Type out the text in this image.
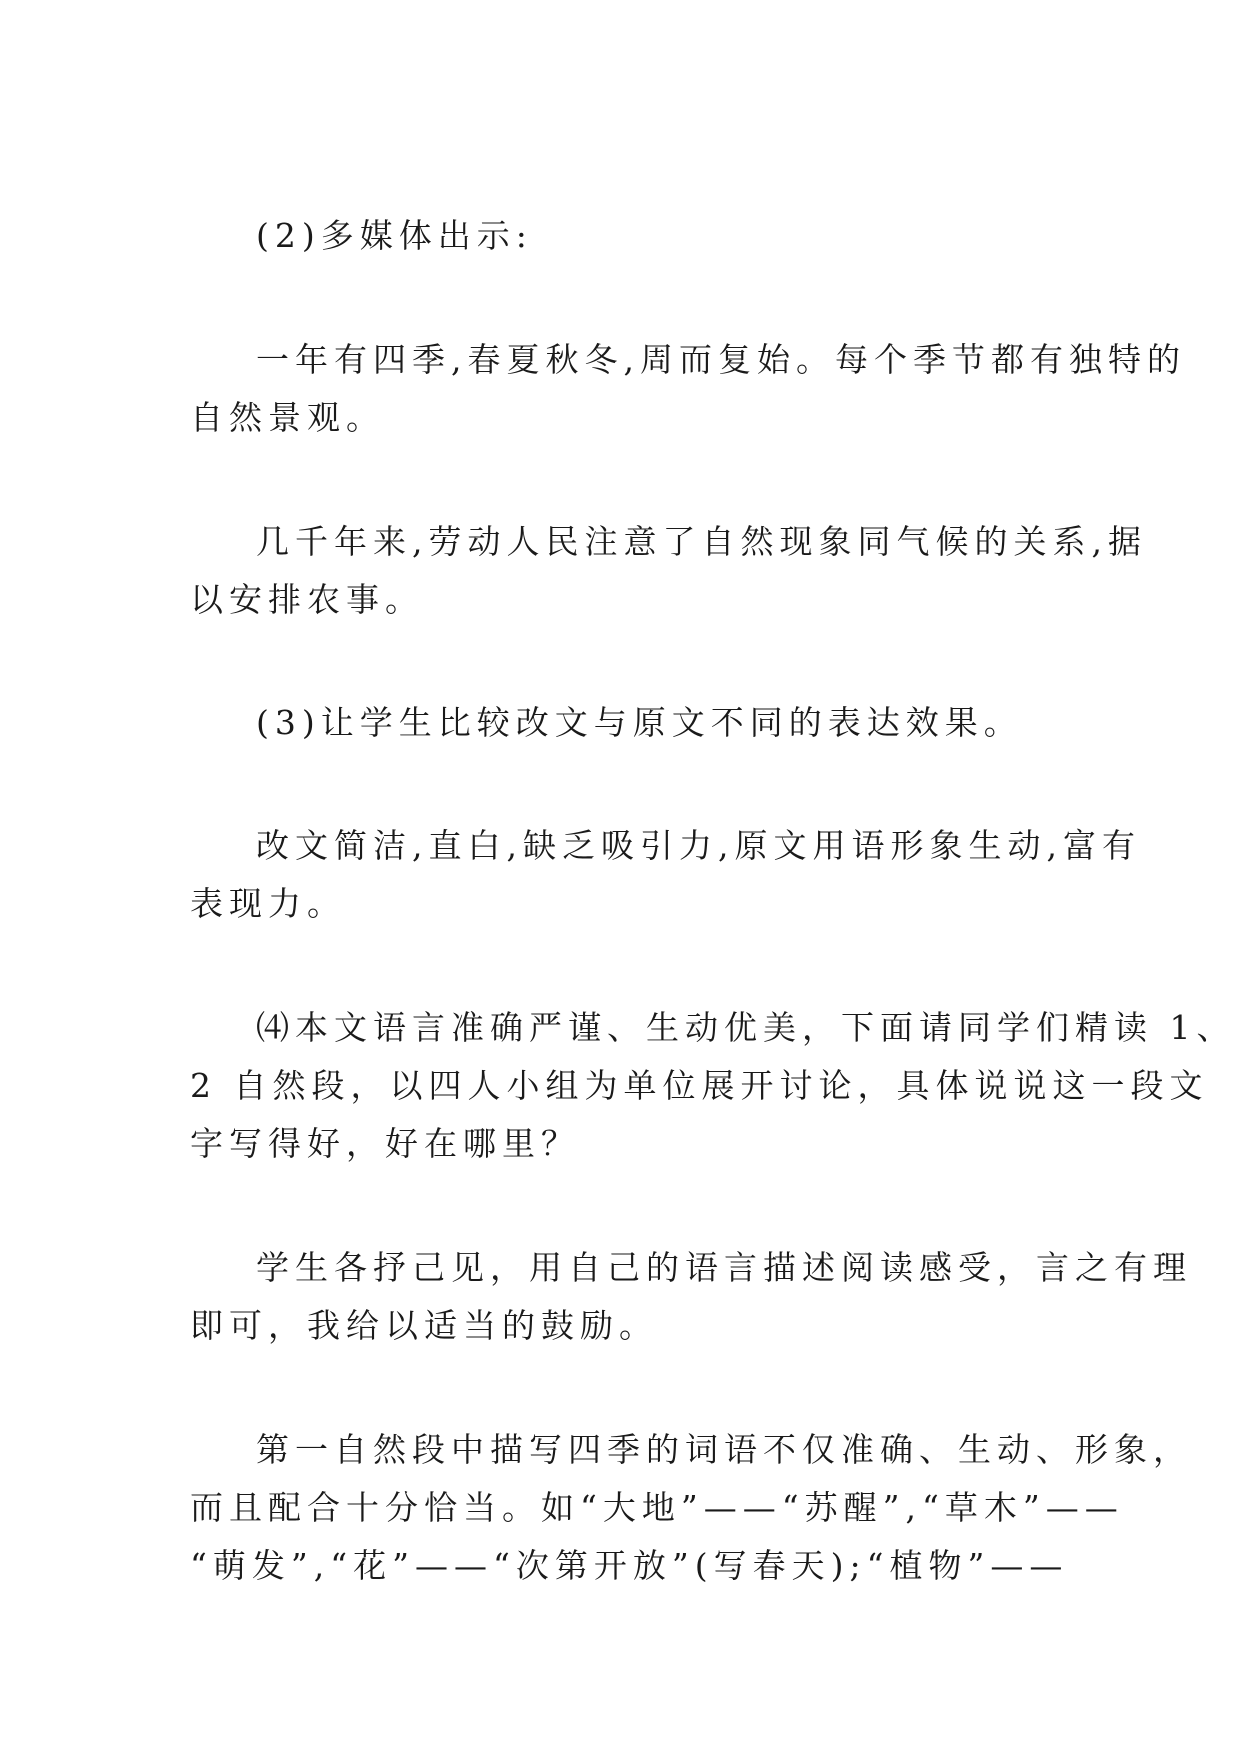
(2)多媒体出示:
一年有四季,春夏秋冬,周而复始。每个季节都有独特的
自然景观。
几千年来,劳动人民注意了自然现象同气候的关系,据
以安排农事。
(3)让学生比较改文与原文不同的表达效果。
改文简洁,直白,缺乏吸引力,原文用语形象生动,富有
表现力。
⑷本文语言准确严谨、生动优美，下面请同学们精读 1、
2 自然段，以四人小组为单位展开讨论，具体说说这一段文
字写得好，好在哪里？
学生各抒己见，用自己的语言描述阅读感受，言之有理
即可，我给以适当的鼓励。
第一自然段中描写四季的词语不仅准确、生动、形象，
而且配合十分恰当。如“大地”——“苏醒”,“草木”——
“萌发”,“花”——“次第开放”(写春天);“植物”——
